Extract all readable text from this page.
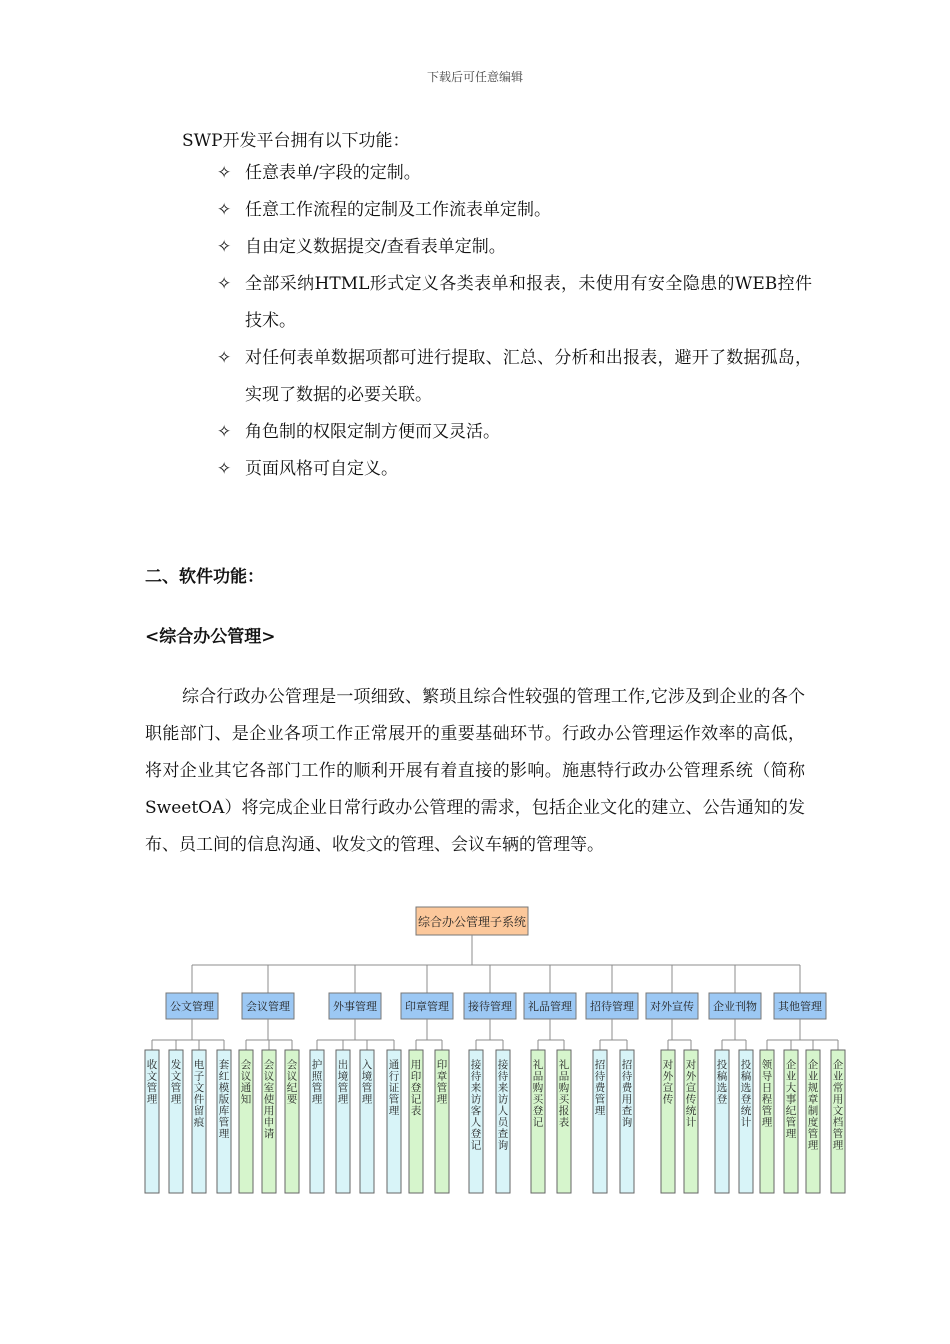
下载后可任意编辑
SWP开发平台拥有以下功能：
✧ 任意表单/字段的定制。
✧ 任意工作流程的定制及工作流表单定制。
✧ 自由定义数据提交/查看表单定制。
✧ 全部采纳HTML形式定义各类表单和报表，未使用有安全隐患的WEB控件技术。
✧ 对任何表单数据项都可进行提取、汇总、分析和出报表，避开了数据孤岛，实现了数据的必要关联。
✧ 角色制的权限定制方便而又灵活。
✧ 页面风格可自定义。
二、软件功能：
<综合办公管理>
综合行政办公管理是一项细致、繁琐且综合性较强的管理工作,它涉及到企业的各个职能部门、是企业各项工作正常展开的重要基础环节。行政办公管理运作效率的高低，将对企业其它各部门工作的顺利开展有着直接的影响。施惠特行政办公管理系统（简称SweetOA）将完成企业日常行政办公管理的需求，包括企业文化的建立、公告通知的发布、员工间的信息沟通、收发文的管理、会议车辆的管理等。
综合办公管理子系统
公文管理
收文管理
发文管理
电子文件留痕
套红模版库管理
会议管理
会议通知
会议室使用申请
会议纪要
外事管理
护照管理
出境管理
入境管理
通行证管理
印章管理
用印登记表
印章管理
接待管理
接待来访客人登记
接待来访人员查询
礼品管理
礼品购买登记
礼品购买报表
招待管理
招待费管理
招待费用查询
对外宣传
对外宣传
对外宣传统计
企业刊物
投稿选登
投稿选登统计
其他管理
领导日程管理
企业大事纪管理
企业规章制度管理
企业常用文档管理
